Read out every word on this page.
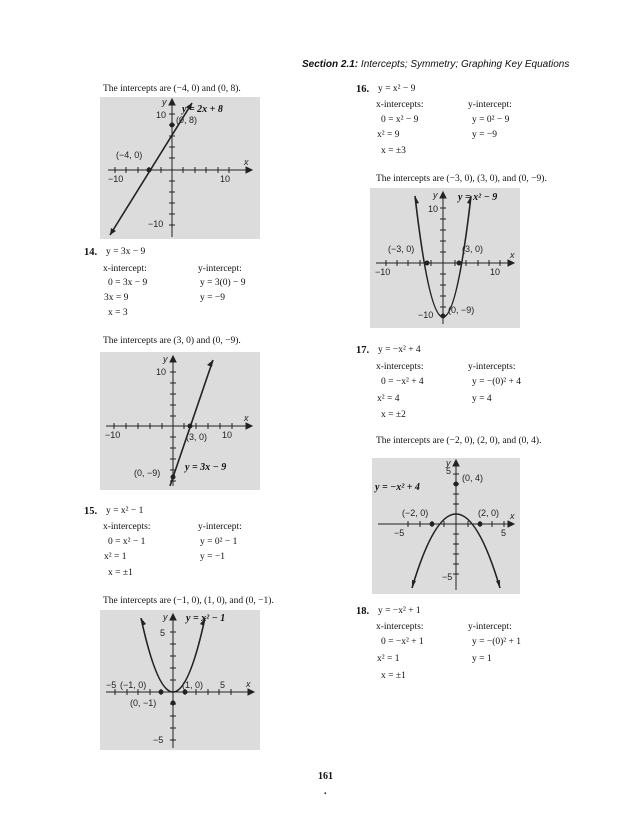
Section 2.1: Intercepts; Symmetry; Graphing Key Equations
The intercepts are (−4, 0) and (0, 8).
y = 2x + 8
(0, 8)
(−4, 0)
−10	10
10
−10
x
y
14. y = 3x − 9
x-intercept:	y-intercept:
0 = 3x − 9	y = 3(0) − 9
3x = 9	y = −9
x = 3
The intercepts are (3, 0) and (0, −9).
10
−10	10
(3, 0)
(0, −9) y = 3x − 9
x
y
15. y = x² − 1
x-intercepts:	y-intercept:
0 = x² − 1	y = 0² − 1
x² = 1	y = −1
x = ±1
The intercepts are (−1, 0), (1, 0), and (0, −1).
y = x² − 1
5
−5 (−1, 0)	(1, 0) 5
(0, −1)
−5
x
y
16. y = x² − 9
x-intercepts:	y-intercept:
0 = x² − 9	y = 0² − 9
x² = 9	y = −9
x = ±3
The intercepts are (−3, 0), (3, 0), and (0, −9).
10
y = x² − 9
(−3, 0)	(3, 0)
−10	10
−10 (0, −9)
x
y
17. y = −x² + 4
x-intercepts:	y-intercepts:
0 = −x² + 4	y = −(0)² + 4
x² = 4	y = 4
x = ±2
The intercepts are (−2, 0), (2, 0), and (0, 4).
5
(0, 4)
(−2, 0)	(2, 0)
−5	5
−5
x
y
y = −x² + 4
18. y = −x² + 1
x-intercepts:	y-intercept:
0 = −x² + 1	y = −(0)² + 1
x² = 1	y = 1
x = ±1
161
.
